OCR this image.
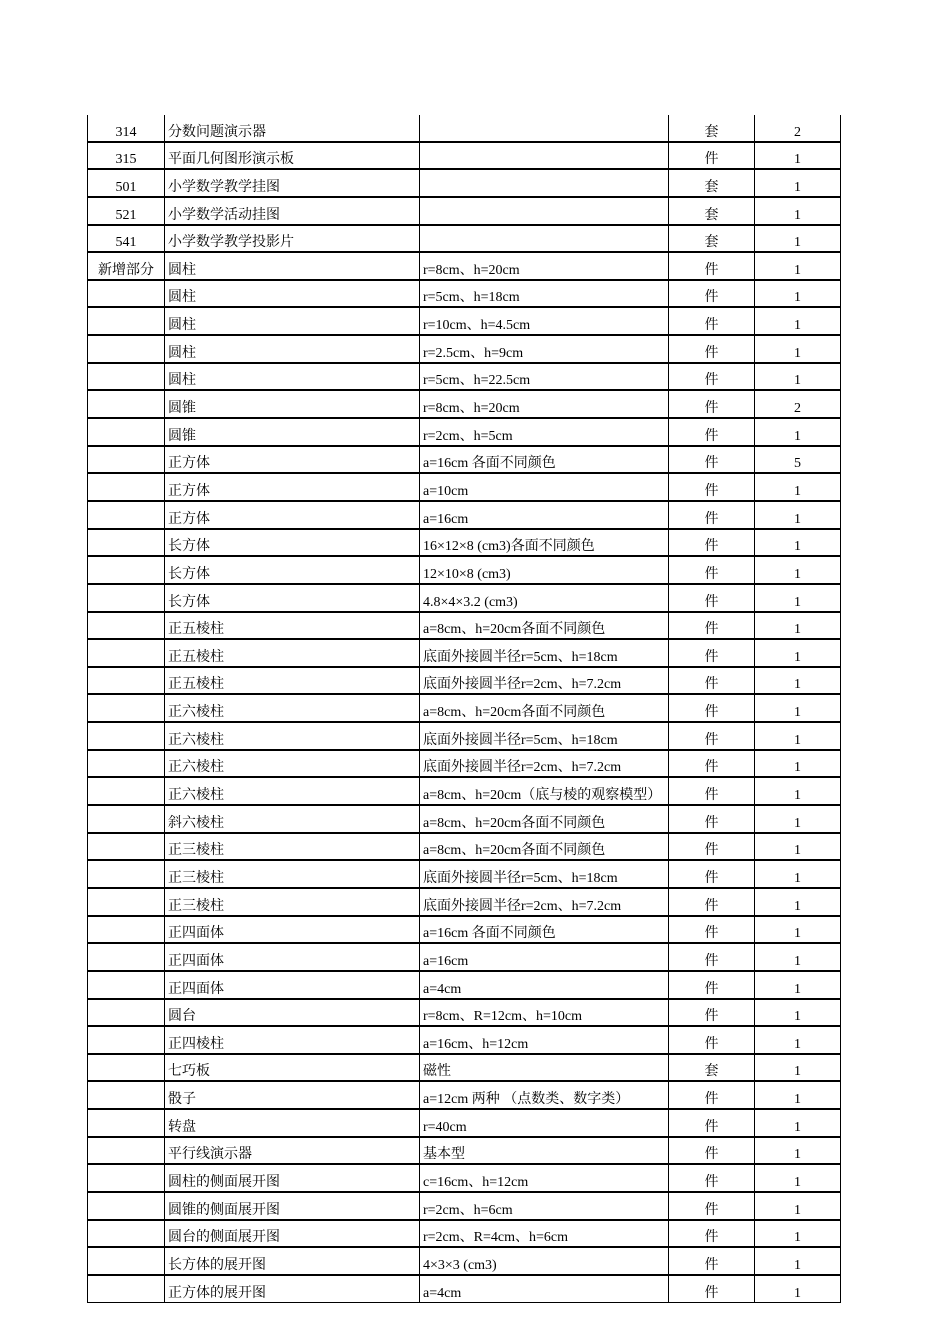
314	分数问题演示器		套	2
315	平面几何图形演示板		件	1
501	小学数学教学挂图		套	1
521	小学数学活动挂图		套	1
541	小学数学教学投影片		套	1
新增部分	圆柱	r=8cm、h=20cm	件	1
	圆柱	r=5cm、h=18cm	件	1
	圆柱	r=10cm、h=4.5cm	件	1
	圆柱	r=2.5cm、h=9cm	件	1
	圆柱	r=5cm、h=22.5cm	件	1
	圆锥	r=8cm、h=20cm	件	2
	圆锥	r=2cm、h=5cm	件	1
	正方体	a=16cm 各面不同颜色	件	5
	正方体	a=10cm	件	1
	正方体	a=16cm	件	1
	长方体	16×12×8 (cm3)各面不同颜色	件	1
	长方体	12×10×8 (cm3)	件	1
	长方体	4.8×4×3.2 (cm3)	件	1
	正五棱柱	a=8cm、h=20cm各面不同颜色	件	1
	正五棱柱	底面外接圆半径r=5cm、h=18cm	件	1
	正五棱柱	底面外接圆半径r=2cm、h=7.2cm	件	1
	正六棱柱	a=8cm、h=20cm各面不同颜色	件	1
	正六棱柱	底面外接圆半径r=5cm、h=18cm	件	1
	正六棱柱	底面外接圆半径r=2cm、h=7.2cm	件	1
	正六棱柱	a=8cm、h=20cm（底与棱的观察模型）	件	1
	斜六棱柱	a=8cm、h=20cm各面不同颜色	件	1
	正三棱柱	a=8cm、h=20cm各面不同颜色	件	1
	正三棱柱	底面外接圆半径r=5cm、h=18cm	件	1
	正三棱柱	底面外接圆半径r=2cm、h=7.2cm	件	1
	正四面体	a=16cm 各面不同颜色	件	1
	正四面体	a=16cm	件	1
	正四面体	a=4cm	件	1
	圆台	r=8cm、R=12cm、h=10cm	件	1
	正四棱柱	a=16cm、h=12cm	件	1
	七巧板	磁性	套	1
	骰子	a=12cm 两种 （点数类、数字类）	件	1
	转盘	r=40cm	件	1
	平行线演示器	基本型	件	1
	圆柱的侧面展开图	c=16cm、h=12cm	件	1
	圆锥的侧面展开图	r=2cm、h=6cm	件	1
	圆台的侧面展开图	r=2cm、R=4cm、h=6cm	件	1
	长方体的展开图	4×3×3 (cm3)	件	1
	正方体的展开图	a=4cm	件	1
